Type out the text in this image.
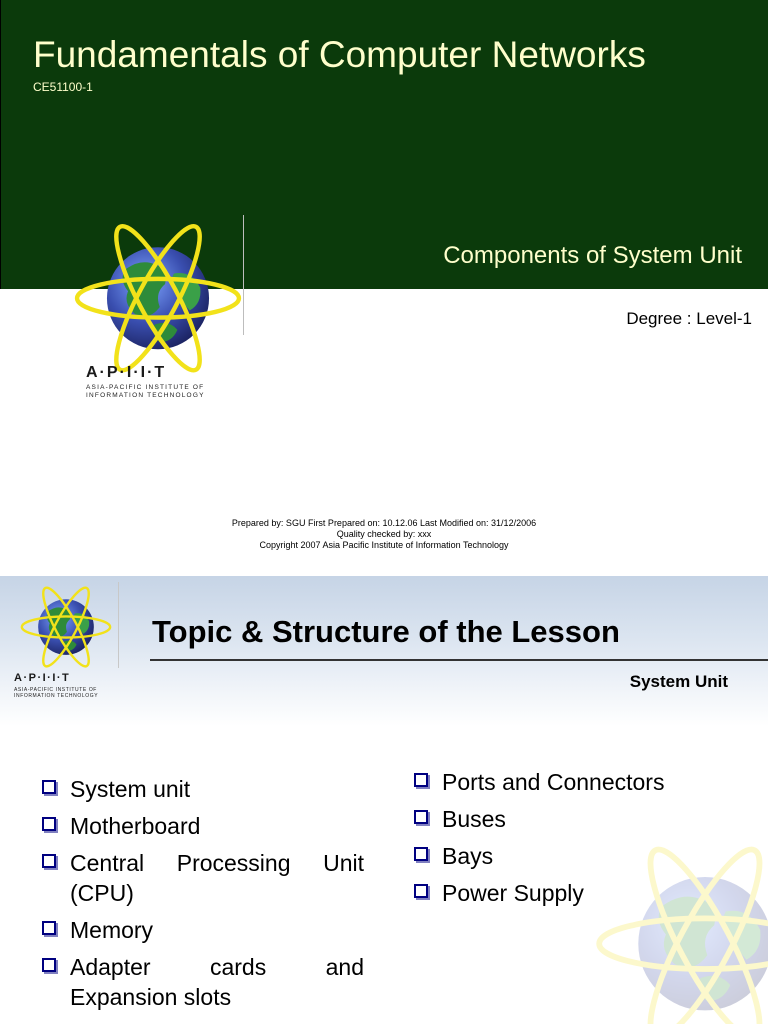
Fundamentals of Computer Networks
CE51100-1
Components of System Unit
Degree : Level-1
A·P·I·I·T
ASIA-PACIFIC INSTITUTE OF
INFORMATION TECHNOLOGY
Prepared by: SGU First Prepared on: 10.12.06 Last Modified on: 31/12/2006
Quality checked by: xxx
Copyright 2007 Asia Pacific Institute of Information Technology
A·P·I·I·T
ASIA-PACIFIC INSTITUTE OF
INFORMATION TECHNOLOGY
Topic & Structure of the Lesson
System Unit
System unit
Motherboard
Central Processing Unit (CPU)
Memory
Adapter cards and Expansion slots
Ports and Connectors
Buses
Bays
Power Supply
